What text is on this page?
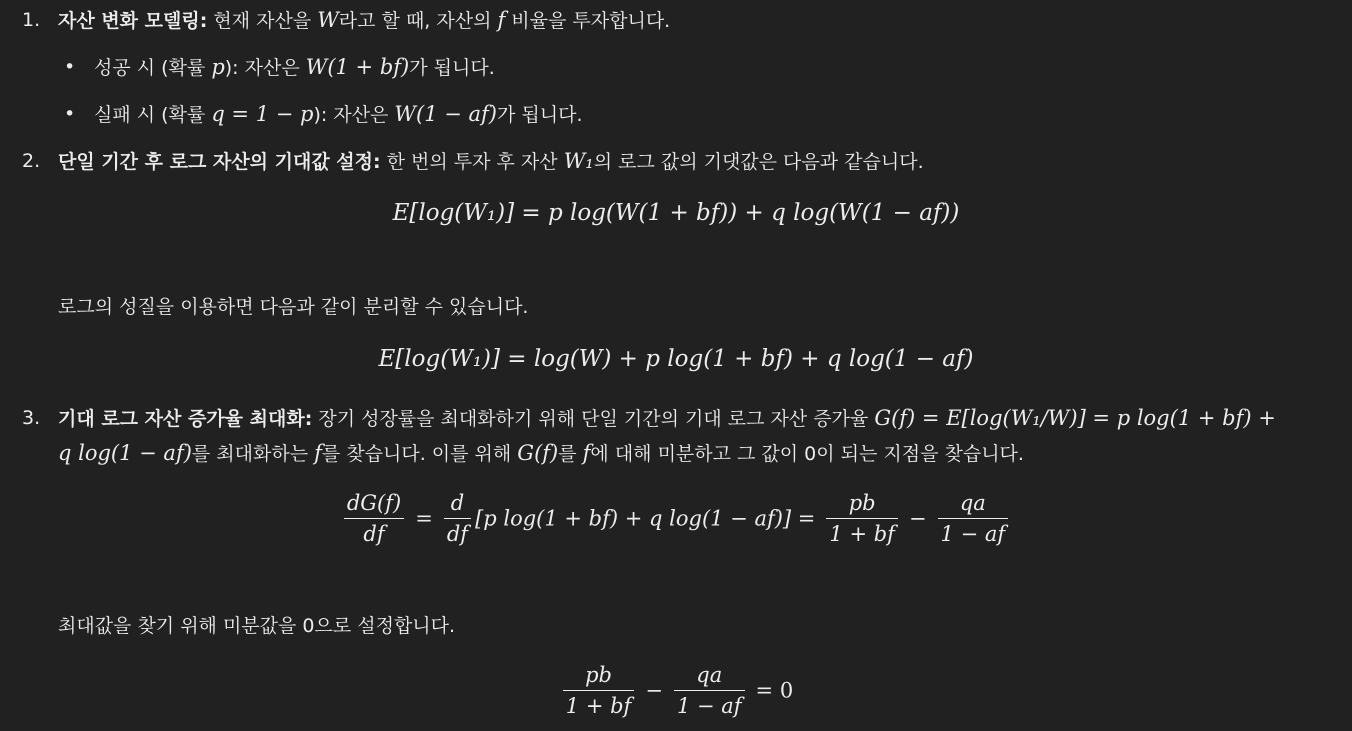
1. 자산 변화 모델링: 현재 자산을 W라고 할 때, 자산의 f 비율을 투자합니다.
• 성공 시 (확률 p): 자산은 W(1 + bf)가 됩니다.
• 실패 시 (확률 q = 1 − p): 자산은 W(1 − af)가 됩니다.
2. 단일 기간 후 로그 자산의 기대값 설정: 한 번의 투자 후 자산 W₁의 로그 값의 기댓값은 다음과 같습니다.
E[log(W₁)] = p log(W(1 + bf)) + q log(W(1 − af))
로그의 성질을 이용하면 다음과 같이 분리할 수 있습니다.
E[log(W₁)] = log(W) + p log(1 + bf) + q log(1 − af)
3. 기대 로그 자산 증가율 최대화: 장기 성장률을 최대화하기 위해 단일 기간의 기대 로그 자산 증가율 G(f) = E[log(W₁/W)] = p log(1 + bf) +
q log(1 − af)를 최대화하는 f를 찾습니다. 이를 위해 G(f)를 f에 대해 미분하고 그 값이 0이 되는 지점을 찾습니다.
$\frac{dG(f)}{df} = \frac{d}{df} [p$ log(1 + bf) + q $\log(1 - af)] = \frac{pb}{1 + bf} - \frac{qa}{1 - af}$
최대값을 찾기 위해 미분값을 0으로 설정합니다.
$\frac{pb}{1 + bf} - \frac{qa}{1 - af} = 0$
